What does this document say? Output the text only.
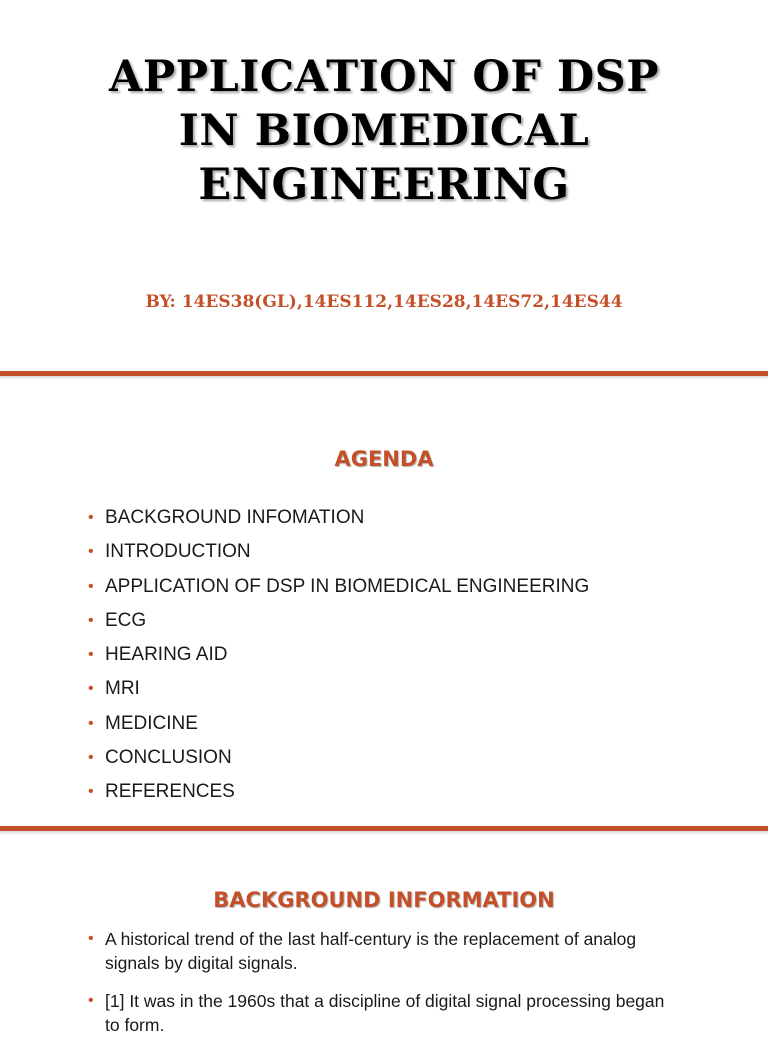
APPLICATION OF DSP
IN BIOMEDICAL
ENGINEERING
BY: 14ES38(GL),14ES112,14ES28,14ES72,14ES44
AGENDA
• BACKGROUND INFOMATION
• INTRODUCTION
• APPLICATION OF DSP IN BIOMEDICAL ENGINEERING
• ECG
• HEARING AID
• MRI
• MEDICINE
• CONCLUSION
• REFERENCES
BACKGROUND INFORMATION
• A historical trend of the last half-century is the replacement of analog signals by digital signals.
• [1] It was in the 1960s that a discipline of digital signal processing began to form.
